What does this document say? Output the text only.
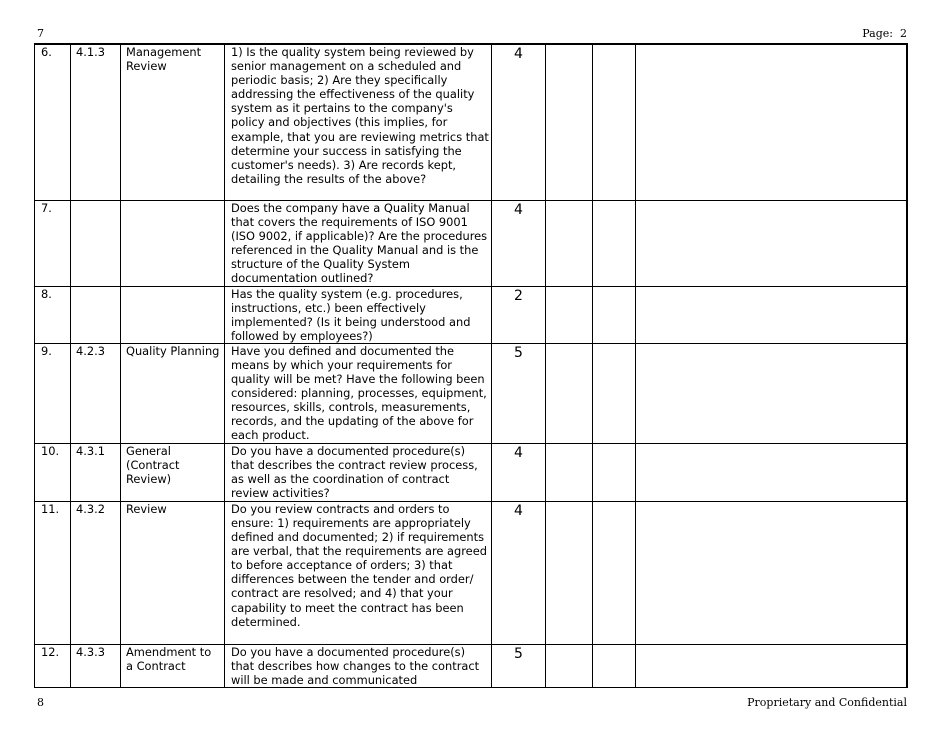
7	Page: 2
6.	4.1.3	Management Review	1) Is the quality system being reviewed by senior management on a scheduled and periodic basis; 2) Are they specifically addressing the effectiveness of the quality system as it pertains to the company's policy and objectives (this implies, for example, that you are reviewing metrics that determine your success in satisfying the customer's needs). 3) Are records kept, detailing the results of the above?	4			
7.			Does the company have a Quality Manual that covers the requirements of ISO 9001 (ISO 9002, if applicable)? Are the procedures referenced in the Quality Manual and is the structure of the Quality System documentation outlined?	4			
8.			Has the quality system (e.g. procedures, instructions, etc.) been effectively implemented? (Is it being understood and followed by employees?)	2			
9.	4.2.3	Quality Planning	Have you defined and documented the means by which your requirements for quality will be met? Have the following been considered: planning, processes, equipment, resources, skills, controls, measurements, records, and the updating of the above for each product.	5			
10.	4.3.1	General (Contract Review)	Do you have a documented procedure(s) that describes the contract review process, as well as the coordination of contract review activities?	4			
11.	4.3.2	Review	Do you review contracts and orders to ensure: 1) requirements are appropriately defined and documented; 2) if requirements are verbal, that the requirements are agreed to before acceptance of orders; 3) that differences between the tender and order/ contract are resolved; and 4) that your capability to meet the contract has been determined.	4			
12.	4.3.3	Amendment to a Contract	Do you have a documented procedure(s) that describes how changes to the contract will be made and communicated	5			
8	Proprietary and Confidential
